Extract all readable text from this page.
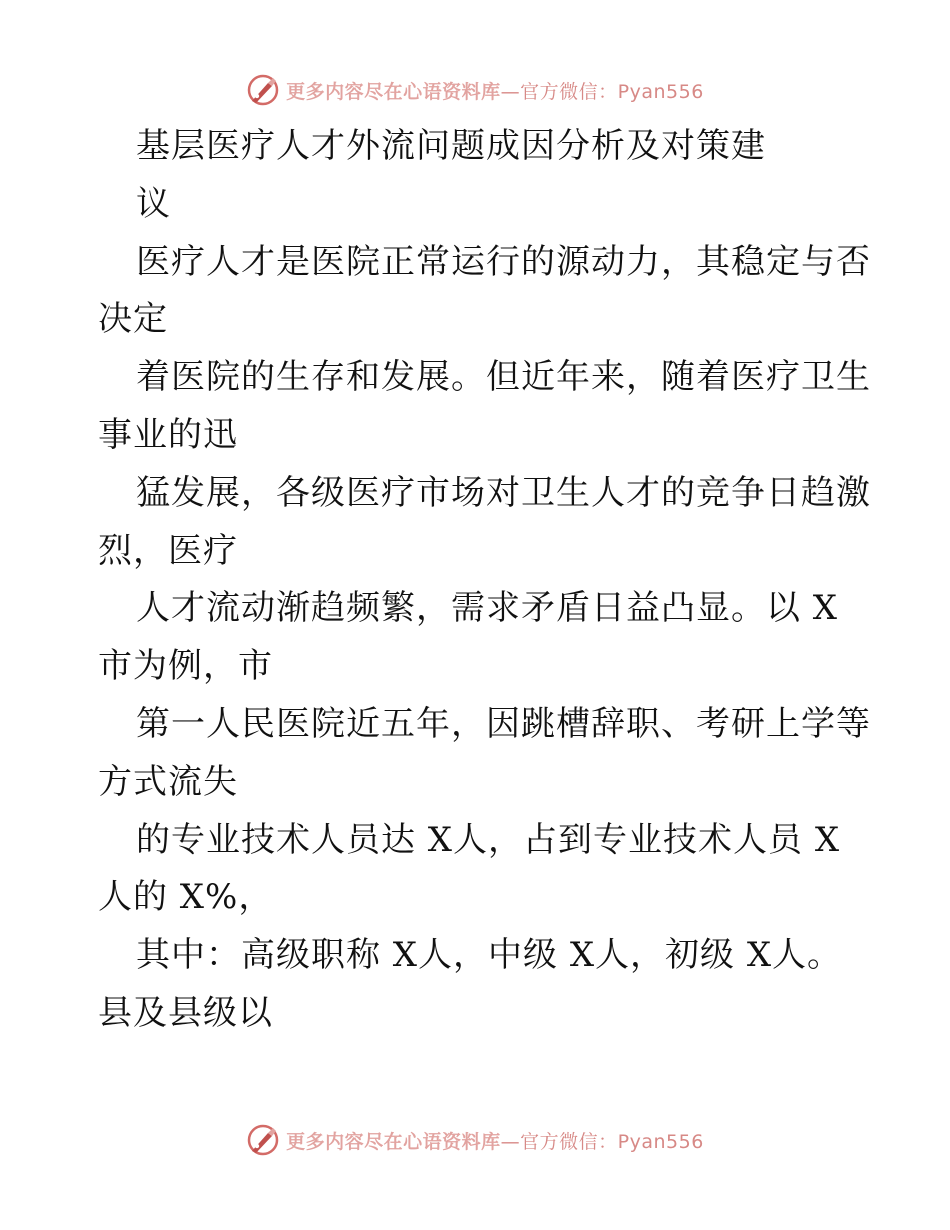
更多内容尽在心语资料库—官方微信：Pyan556
基层医疗人才外流问题成因分析及对策建
议
医疗人才是医院正常运行的源动力，其稳定与否
决定
着医院的生存和发展。但近年来，随着医疗卫生
事业的迅
猛发展，各级医疗市场对卫生人才的竞争日趋激
烈，医疗
人才流动渐趋频繁，需求矛盾日益凸显。以 X
市为例，市
第一人民医院近五年，因跳槽辞职、考研上学等
方式流失
的专业技术人员达 X人，占到专业技术人员 X
人的 X%，
其中：高级职称 X人，中级 X人，初级 X人。
县及县级以
更多内容尽在心语资料库—官方微信：Pyan556
